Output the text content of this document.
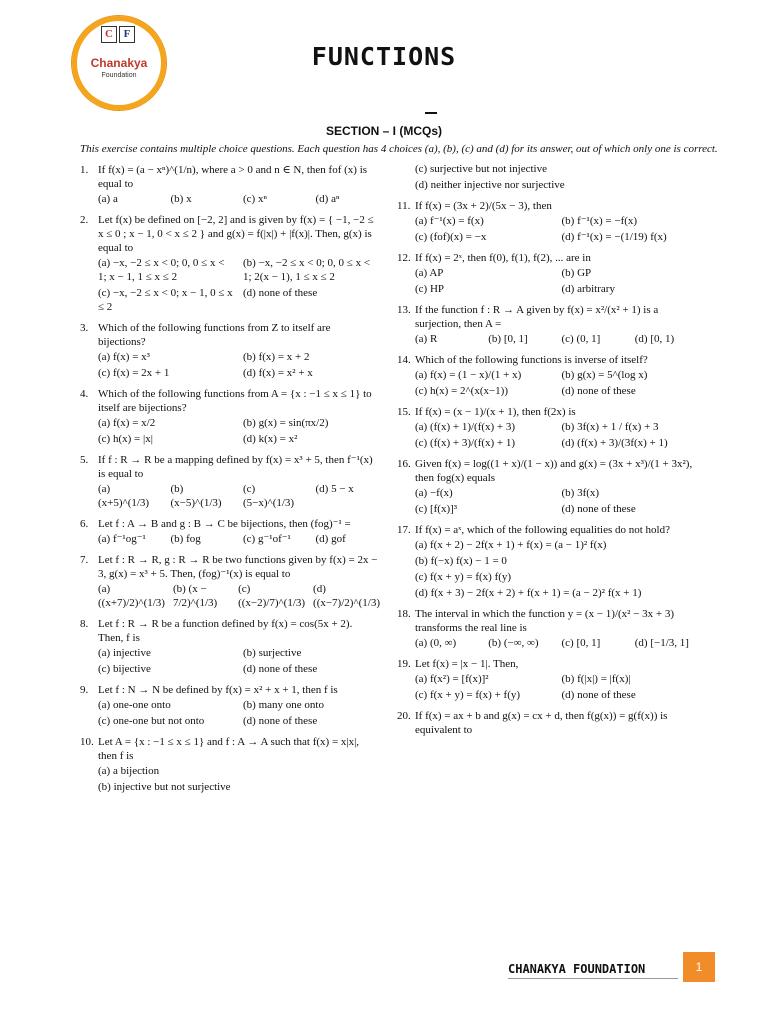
C F
Chanakya
Foundation
FUNCTIONS
SECTION – I (MCQs)
This exercise contains multiple choice questions. Each question has 4 choices (a), (b), (c) and (d) for its answer, out of which only one is correct.
1. If f(x) = (a − xⁿ)^(1/n), where a > 0 and n ∈ N, then fof (x) is equal to
(a) a	(b) x	(c) xⁿ	(d) aⁿ
2. Let f(x) be defined on [−2, 2] and is given by f(x) = { −1, −2 ≤ x ≤ 0 ; x − 1, 0 < x ≤ 2 } and g(x) = f(|x|) + |f(x)|. Then, g(x) is equal to
(a) −x, −2 ≤ x < 0; 0, 0 ≤ x < 1; x − 1, 1 ≤ x ≤ 2
(b) −x, −2 ≤ x < 0; 0, 0 ≤ x < 1; 2(x − 1), 1 ≤ x ≤ 2
(c) −x, −2 ≤ x < 0; x − 1, 0 ≤ x ≤ 2
(d) none of these
3. Which of the following functions from Z to itself are bijections?
(a) f(x) = x³	(b) f(x) = x + 2
(c) f(x) = 2x + 1	(d) f(x) = x² + x
4. Which of the following functions from A = {x : −1 ≤ x ≤ 1} to itself are bijections?
(a) f(x) = x/2	(b) g(x) = sin(πx/2)
(c) h(x) = |x|	(d) k(x) = x²
5. If f : R → R be a mapping defined by f(x) = x³ + 5, then f⁻¹(x) is equal to
(a) (x+5)^(1/3)
(b) (x−5)^(1/3)
(c) (5−x)^(1/3)
(d) 5 − x
6. Let f : A → B and g : B → C be bijections, then (fog)⁻¹ =
(a) f⁻¹og⁻¹	(b) fog	(c) g⁻¹of⁻¹	(d) gof
7. Let f : R → R, g : R → R be two functions given by f(x) = 2x − 3, g(x) = x³ + 5. Then, (fog)⁻¹(x) is equal to
(a) ((x+7)/2)^(1/3)
(b) (x − 7/2)^(1/3)
(c) ((x−2)/7)^(1/3)
(d) ((x−7)/2)^(1/3)
8. Let f : R → R be a function defined by f(x) = cos(5x + 2). Then, f is
(a) injective	(b) surjective
(c) bijective	(d) none of these
9. Let f : N → N be defined by f(x) = x² + x + 1, then f is
(a) one-one onto	(b) many one onto
(c) one-one but not onto	(d) none of these
10. Let A = {x : −1 ≤ x ≤ 1} and f : A → A such that f(x) = x|x|, then f is
(a) a bijection
(b) injective but not surjective
(c) surjective but not injective
(d) neither injective nor surjective
11. If f(x) = (3x + 2)/(5x − 3), then
(a) f⁻¹(x) = f(x)	(b) f⁻¹(x) = −f(x)
(c) (fof)(x) = −x	(d) f⁻¹(x) = −(1/19) f(x)
12. If f(x) = 2ˣ, then f(0), f(1), f(2), ... are in
(a) AP	(b) GP
(c) HP	(d) arbitrary
13. If the function f : R → A given by f(x) = x²/(x² + 1) is a surjection, then A =
(a) R	(b) [0, 1]	(c) (0, 1]	(d) [0, 1)
14. Which of the following functions is inverse of itself?
(a) f(x) = (1 − x)/(1 + x)	(b) g(x) = 5^(log x)
(c) h(x) = 2^(x(x−1))	(d) none of these
15. If f(x) = (x − 1)/(x + 1), then f(2x) is
(a) (f(x) + 1)/(f(x) + 3)	(b) 3f(x) + 1 / f(x) + 3
(c) (f(x) + 3)/(f(x) + 1)	(d) (f(x) + 3)/(3f(x) + 1)
16. Given f(x) = log((1 + x)/(1 − x)) and g(x) = (3x + x³)/(1 + 3x²), then fog(x) equals
(a) −f(x)	(b) 3f(x)
(c) [f(x)]³	(d) none of these
17. If f(x) = aˣ, which of the following equalities do not hold?
(a) f(x + 2) − 2f(x + 1) + f(x) = (a − 1)² f(x)
(b) f(−x) f(x) − 1 = 0
(c) f(x + y) = f(x) f(y)
(d) f(x + 3) − 2f(x + 2) + f(x + 1) = (a − 2)² f(x + 1)
18. The interval in which the function y = (x − 1)/(x² − 3x + 3) transforms the real line is
(a) (0, ∞)	(b) (−∞, ∞)	(c) [0, 1]	(d) [−1/3, 1]
19. Let f(x) = |x − 1|. Then,
(a) f(x²) = [f(x)]²	(b) f(|x|) = |f(x)|
(c) f(x + y) = f(x) + f(y)	(d) none of these
20. If f(x) = ax + b and g(x) = cx + d, then f(g(x)) = g(f(x)) is equivalent to
CHANAKYA FOUNDATION	1
